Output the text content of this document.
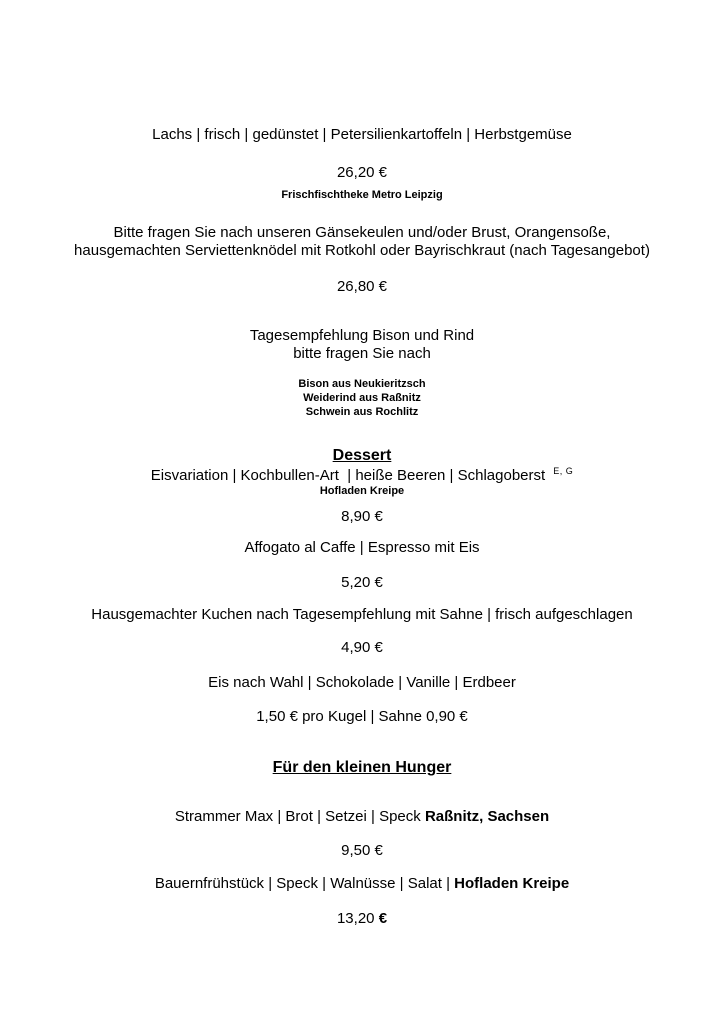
Lachs | frisch | gedünstet | Petersilienkartoffeln | Herbstgemüse

26,20 €

Frischfischtheke Metro Leipzig

Bitte fragen Sie nach unseren Gänsekeulen und/oder Brust, Orangensoße,
hausgemachten Serviettenknödel mit Rotkohl oder Bayrischkraut (nach Tagesangebot)

26,80 €

Tagesempfehlung Bison und Rind
bitte fragen Sie nach

Bison aus Neukieritzsch
Weiderind aus Raßnitz
Schwein aus Rochlitz

Dessert

Eisvariation | Kochbullen-Art  | heiße Beeren | Schlagoberst $^{E, G}$

Hofladen Kreipe

8,90 €

Affogato al Caffe | Espresso mit Eis

5,20 €

Hausgemachter Kuchen nach Tagesempfehlung mit Sahne | frisch aufgeschlagen

4,90 €

Eis nach Wahl | Schokolade | Vanille | Erdbeer

1,50 € pro Kugel | Sahne 0,90 €

Für den kleinen Hunger

Strammer Max | Brot | Setzei | Speck Raßnitz, Sachsen

9,50 €

Bauernfrühstück | Speck | Walnüsse | Salat | Hofladen Kreipe

13,20 €
